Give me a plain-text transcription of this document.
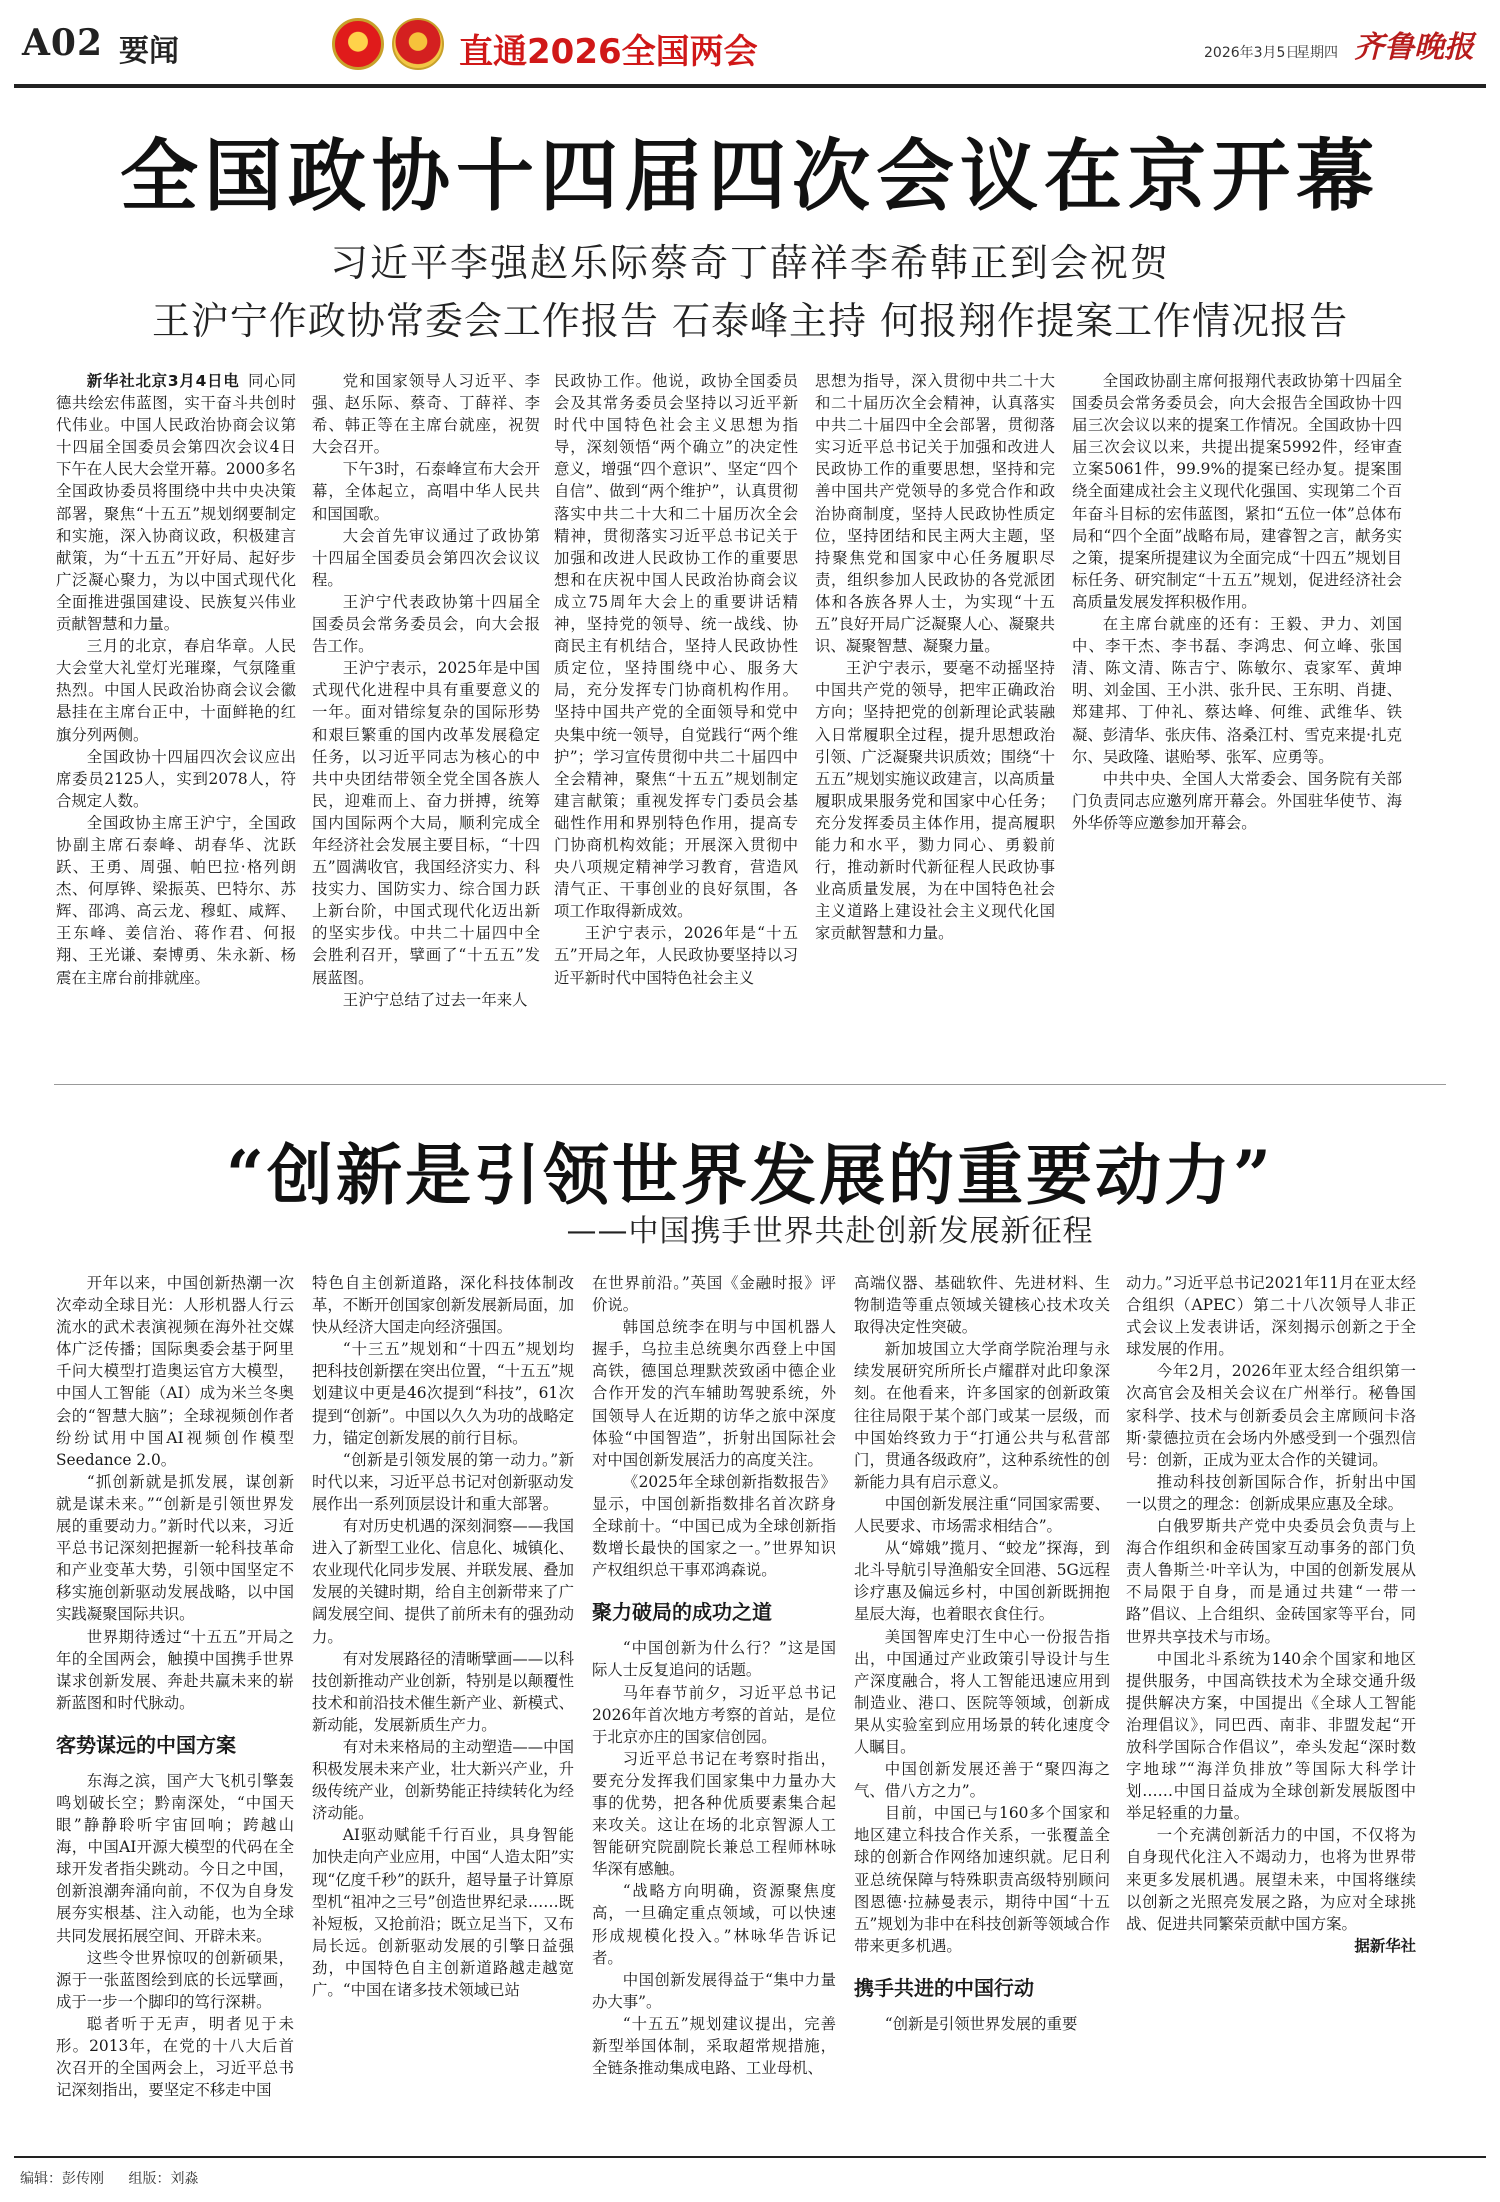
A02 要闻	直通2026全国两会	2026年3月5日
星期四 齐鲁晚报
全国政协十四届四次会议在京开幕
习近平李强赵乐际蔡奇丁薛祥李希韩正到会祝贺
王沪宁作政协常委会工作报告 石泰峰主持 何报翔作提案工作情况报告

新华社北京3月4日电  同心同德共绘宏伟蓝图，实干奋斗共创时代伟业。中国人民政治协商会议第十四届全国委员会第四次会议4日下午在人民大会堂开幕。2000多名全国政协委员将围绕中共中央决策部署，聚焦“十五五”规划纲要制定和实施，深入协商议政，积极建言献策，为“十五五”开好局、起好步广泛凝心聚力，为以中国式现代化全面推进强国建设、民族复兴伟业贡献智慧和力量。

三月的北京，春启华章。人民大会堂大礼堂灯光璀璨，气氛隆重热烈。中国人民政治协商会议会徽悬挂在主席台正中，十面鲜艳的红旗分列两侧。

全国政协十四届四次会议应出席委员2125人，实到2078人，符合规定人数。

全国政协主席王沪宁，全国政协副主席石泰峰、胡春华、沈跃跃、王勇、周强、帕巴拉·格列朗杰、何厚铧、梁振英、巴特尔、苏辉、邵鸿、高云龙、穆虹、咸辉、王东峰、姜信治、蒋作君、何报翔、王光谦、秦博勇、朱永新、杨震在主席台前排就座。

党和国家领导人习近平、李强、赵乐际、蔡奇、丁薛祥、李希、韩正等在主席台就座，祝贺大会召开。

下午3时，石泰峰宣布大会开幕，全体起立，高唱中华人民共和国国歌。

大会首先审议通过了政协第十四届全国委员会第四次会议议程。

王沪宁代表政协第十四届全国委员会常务委员会，向大会报告工作。

王沪宁表示，2025年是中国式现代化进程中具有重要意义的一年。面对错综复杂的国际形势和艰巨繁重的国内改革发展稳定任务，以习近平同志为核心的中共中央团结带领全党全国各族人民，迎难而上、奋力拼搏，统筹国内国际两个大局，顺利完成全年经济社会发展主要目标，“十四五”圆满收官，我国经济实力、科技实力、国防实力、综合国力跃上新台阶，中国式现代化迈出新的坚实步伐。中共二十届四中全会胜利召开，擘画了“十五五”发展蓝图。

王沪宁总结了过去一年来人

民政协工作。他说，政协全国委员会及其常务委员会坚持以习近平新时代中国特色社会主义思想为指导，深刻领悟“两个确立”的决定性意义，增强“四个意识”、坚定“四个自信”、做到“两个维护”，认真贯彻落实中共二十大和二十届历次全会精神，贯彻落实习近平总书记关于加强和改进人民政协工作的重要思想和在庆祝中国人民政治协商会议成立75周年大会上的重要讲话精神，坚持党的领导、统一战线、协商民主有机结合，坚持人民政协性质定位，坚持围绕中心、服务大局，充分发挥专门协商机构作用。坚持中国共产党的全面领导和党中央集中统一领导，自觉践行“两个维护”；学习宣传贯彻中共二十届四中全会精神，聚焦“十五五”规划制定建言献策；重视发挥专门委员会基础性作用和界别特色作用，提高专门协商机构效能；开展深入贯彻中央八项规定精神学习教育，营造风清气正、干事创业的良好氛围，各项工作取得新成效。

王沪宁表示，2026年是“十五五”开局之年，人民政协要坚持以习近平新时代中国特色社会主义

思想为指导，深入贯彻中共二十大和二十届历次全会精神，认真落实中共二十届四中全会部署，贯彻落实习近平总书记关于加强和改进人民政协工作的重要思想，坚持和完善中国共产党领导的多党合作和政治协商制度，坚持人民政协性质定位，坚持团结和民主两大主题，坚持聚焦党和国家中心任务履职尽责，组织参加人民政协的各党派团体和各族各界人士，为实现“十五五”良好开局广泛凝聚人心、凝聚共识、凝聚智慧、凝聚力量。

王沪宁表示，要毫不动摇坚持中国共产党的领导，把牢正确政治方向；坚持把党的创新理论武装融入日常履职全过程，提升思想政治引领、广泛凝聚共识质效；围绕“十五五”规划实施议政建言，以高质量履职成果服务党和国家中心任务；充分发挥委员主体作用，提高履职能力和水平，勠力同心、勇毅前行，推动新时代新征程人民政协事业高质量发展，为在中国特色社会主义道路上建设社会主义现代化国家贡献智慧和力量。

全国政协副主席何报翔代表政协第十四届全国委员会常务委员会，向大会报告全国政协十四届三次会议以来的提案工作情况。全国政协十四届三次会议以来，共提出提案5992件，经审查立案5061件，99.9%的提案已经办复。提案围绕全面建成社会主义现代化强国、实现第二个百年奋斗目标的宏伟蓝图，紧扣“五位一体”总体布局和“四个全面”战略布局，建睿智之言，献务实之策，提案所提建议为全面完成“十四五”规划目标任务、研究制定“十五五”规划，促进经济社会高质量发展发挥积极作用。

在主席台就座的还有：王毅、尹力、刘国中、李干杰、李书磊、李鸿忠、何立峰、张国清、陈文清、陈吉宁、陈敏尔、袁家军、黄坤明、刘金国、王小洪、张升民、王东明、肖捷、郑建邦、丁仲礼、蔡达峰、何维、武维华、铁凝、彭清华、张庆伟、洛桑江村、雪克来提·扎克尔、吴政隆、谌贻琴、张军、应勇等。

中共中央、全国人大常委会、国务院有关部门负责同志应邀列席开幕会。外国驻华使节、海外华侨等应邀参加开幕会。

“创新是引领世界发展的重要动力”
——中国携手世界共赴创新发展新征程

开年以来，中国创新热潮一次次牵动全球目光：人形机器人行云流水的武术表演视频在海外社交媒体广泛传播；国际奥委会基于阿里千问大模型打造奥运官方大模型，中国人工智能（AI）成为米兰冬奥会的“智慧大脑”；全球视频创作者纷纷试用中国AI视频创作模型Seedance 2.0。

“抓创新就是抓发展，谋创新就是谋未来。”“创新是引领世界发展的重要动力。”新时代以来，习近平总书记深刻把握新一轮科技革命和产业变革大势，引领中国坚定不移实施创新驱动发展战略，以中国实践凝聚国际共识。

世界期待透过“十五五”开局之年的全国两会，触摸中国携手世界谋求创新发展、奔赴共赢未来的崭新蓝图和时代脉动。

客势谋远的中国方案

东海之滨，国产大飞机引擎轰鸣划破长空；黔南深处，“中国天眼”静静聆听宇宙回响；跨越山海，中国AI开源大模型的代码在全球开发者指尖跳动。今日之中国，创新浪潮奔涌向前，不仅为自身发展夯实根基、注入动能，也为全球共同发展拓展空间、开辟未来。

这些令世界惊叹的创新硕果，源于一张蓝图绘到底的长远擘画，成于一步一个脚印的笃行深耕。

聪者听于无声，明者见于未形。2013年，在党的十八大后首次召开的全国两会上，习近平总书记深刻指出，要坚定不移走中国

特色自主创新道路，深化科技体制改革，不断开创国家创新发展新局面，加快从经济大国走向经济强国。

“十三五”规划和“十四五”规划均把科技创新摆在突出位置，“十五五”规划建议中更是46次提到“科技”，61次提到“创新”。中国以久久为功的战略定力，锚定创新发展的前行目标。

“创新是引领发展的第一动力。”新时代以来，习近平总书记对创新驱动发展作出一系列顶层设计和重大部署。

有对历史机遇的深刻洞察——我国进入了新型工业化、信息化、城镇化、农业现代化同步发展、并联发展、叠加发展的关键时期，给自主创新带来了广阔发展空间、提供了前所未有的强劲动力。

有对发展路径的清晰擘画——以科技创新推动产业创新，特别是以颠覆性技术和前沿技术催生新产业、新模式、新动能，发展新质生产力。

有对未来格局的主动塑造——中国积极发展未来产业，壮大新兴产业，升级传统产业，创新势能正持续转化为经济动能。

AI驱动赋能千行百业，具身智能加快走向产业应用，中国“人造太阳”实现“亿度千秒”的跃升，超导量子计算原型机“祖冲之三号”创造世界纪录……既补短板，又抢前沿；既立足当下，又布局长远。创新驱动发展的引擎日益强劲，中国特色自主创新道路越走越宽广。“中国在诸多技术领域已站

在世界前沿。”英国《金融时报》评价说。

韩国总统李在明与中国机器人握手，乌拉圭总统奥尔西登上中国高铁，德国总理默茨致函中德企业合作开发的汽车辅助驾驶系统，外国领导人在近期的访华之旅中深度体验“中国智造”，折射出国际社会对中国创新发展活力的高度关注。

《2025年全球创新指数报告》显示，中国创新指数排名首次跻身全球前十。“中国已成为全球创新指数增长最快的国家之一。”世界知识产权组织总干事邓鸿森说。

聚力破局的成功之道

“中国创新为什么行？”这是国际人士反复追问的话题。

马年春节前夕，习近平总书记2026年首次地方考察的首站，是位于北京亦庄的国家信创园。

习近平总书记在考察时指出，要充分发挥我们国家集中力量办大事的优势，把各种优质要素集合起来攻关。这让在场的北京智源人工智能研究院副院长兼总工程师林咏华深有感触。

“战略方向明确，资源聚焦度高，一旦确定重点领域，可以快速形成规模化投入。”林咏华告诉记者。

中国创新发展得益于“集中力量办大事”。

“十五五”规划建议提出，完善新型举国体制，采取超常规措施，全链条推动集成电路、工业母机、

高端仪器、基础软件、先进材料、生物制造等重点领域关键核心技术攻关取得决定性突破。

新加坡国立大学商学院治理与永续发展研究所所长卢耀群对此印象深刻。在他看来，许多国家的创新政策往往局限于某个部门或某一层级，而中国始终致力于“打通公共与私营部门，贯通各级政府”，这种系统性的创新能力具有启示意义。

中国创新发展注重“同国家需要、人民要求、市场需求相结合”。

从“嫦娥”揽月、“蛟龙”探海，到北斗导航引导渔船安全回港、5G远程诊疗惠及偏远乡村，中国创新既拥抱星辰大海，也着眼衣食住行。

美国智库史汀生中心一份报告指出，中国通过产业政策引导设计与生产深度融合，将人工智能迅速应用到制造业、港口、医院等领域，创新成果从实验室到应用场景的转化速度令人瞩目。

中国创新发展还善于“聚四海之气、借八方之力”。

目前，中国已与160多个国家和地区建立科技合作关系，一张覆盖全球的创新合作网络加速织就。尼日利亚总统保障与特殊职责高级特别顾问图恩德·拉赫曼表示，期待中国“十五五”规划为非中在科技创新等领域合作带来更多机遇。

携手共进的中国行动

“创新是引领世界发展的重要

动力。”习近平总书记2021年11月在亚太经合组织（APEC）第二十八次领导人非正式会议上发表讲话，深刻揭示创新之于全球发展的作用。

今年2月，2026年亚太经合组织第一次高官会及相关会议在广州举行。秘鲁国家科学、技术与创新委员会主席顾问卡洛斯·蒙德拉贡在会场内外感受到一个强烈信号：创新，正成为亚太合作的关键词。

推动科技创新国际合作，折射出中国一以贯之的理念：创新成果应惠及全球。

白俄罗斯共产党中央委员会负责与上海合作组织和金砖国家互动事务的部门负责人鲁斯兰·叶辛认为，中国的创新发展从不局限于自身，而是通过共建“一带一路”倡议、上合组织、金砖国家等平台，同世界共享技术与市场。

中国北斗系统为140余个国家和地区提供服务，中国高铁技术为全球交通升级提供解决方案，中国提出《全球人工智能治理倡议》，同巴西、南非、非盟发起“开放科学国际合作倡议”，牵头发起“深时数字地球”“海洋负排放”等国际大科学计划……中国日益成为全球创新发展版图中举足轻重的力量。

一个充满创新活力的中国，不仅将为自身现代化注入不竭动力，也将为世界带来更多发展机遇。展望未来，中国将继续以创新之光照亮发展之路，为应对全球挑战、促进共同繁荣贡献中国方案。

据新华社

编辑：彭传刚 组版：刘淼
